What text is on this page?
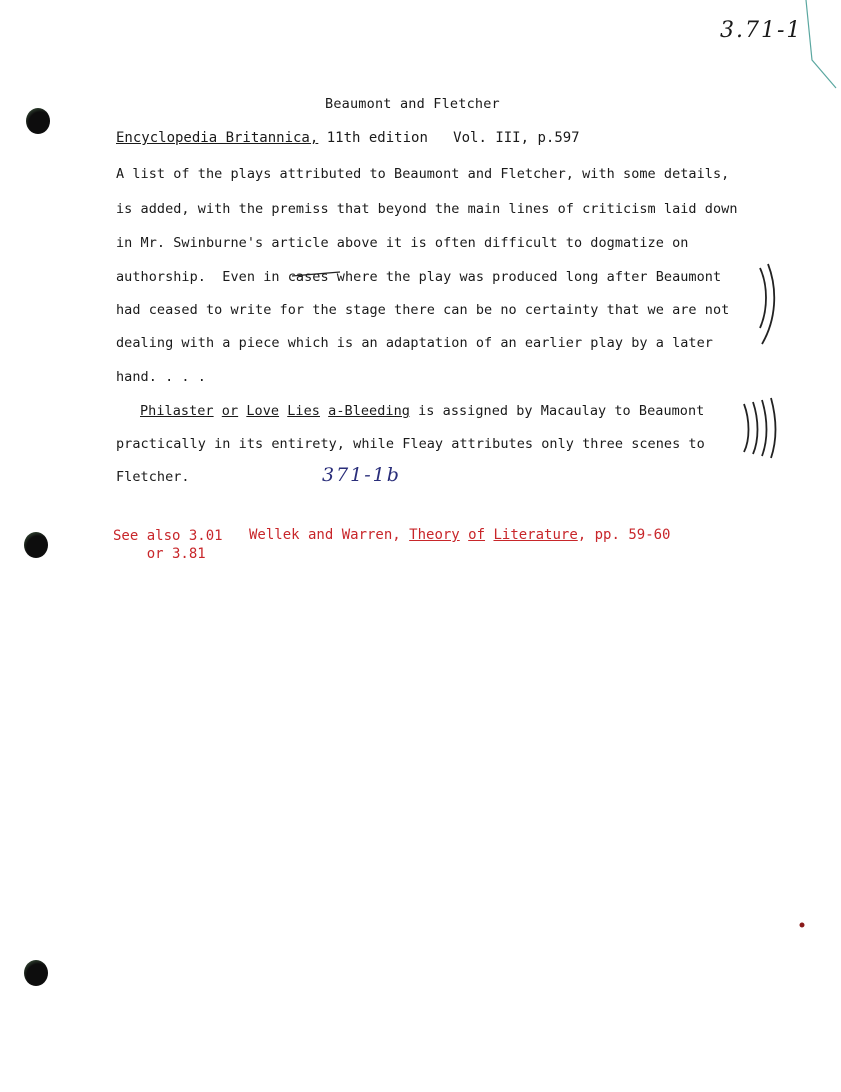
3.71-1
Beaumont and Fletcher
Encyclopedia Britannica, 11th edition Vol. III, p.597
A list of the plays attributed to Beaumont and Fletcher, with some details,
is added, with the premiss that beyond the main lines of criticism laid down
in Mr. Swinburne's article above it is often difficult to dogmatize on
authorship.  Even in cases where the play was produced long after Beaumont
had ceased to write for the stage there can be no certainty that we are not
dealing with a piece which is an adaptation of an earlier play by a later
hand. . . .
Philaster or Love Lies a-Bleeding is assigned by Macaulay to Beaumont
practically in its entirety, while Fleay attributes only three scenes to
Fletcher.	371-1b
See also 3.01
or 3.81
Wellek and Warren, Theory of Literature, pp. 59-60
